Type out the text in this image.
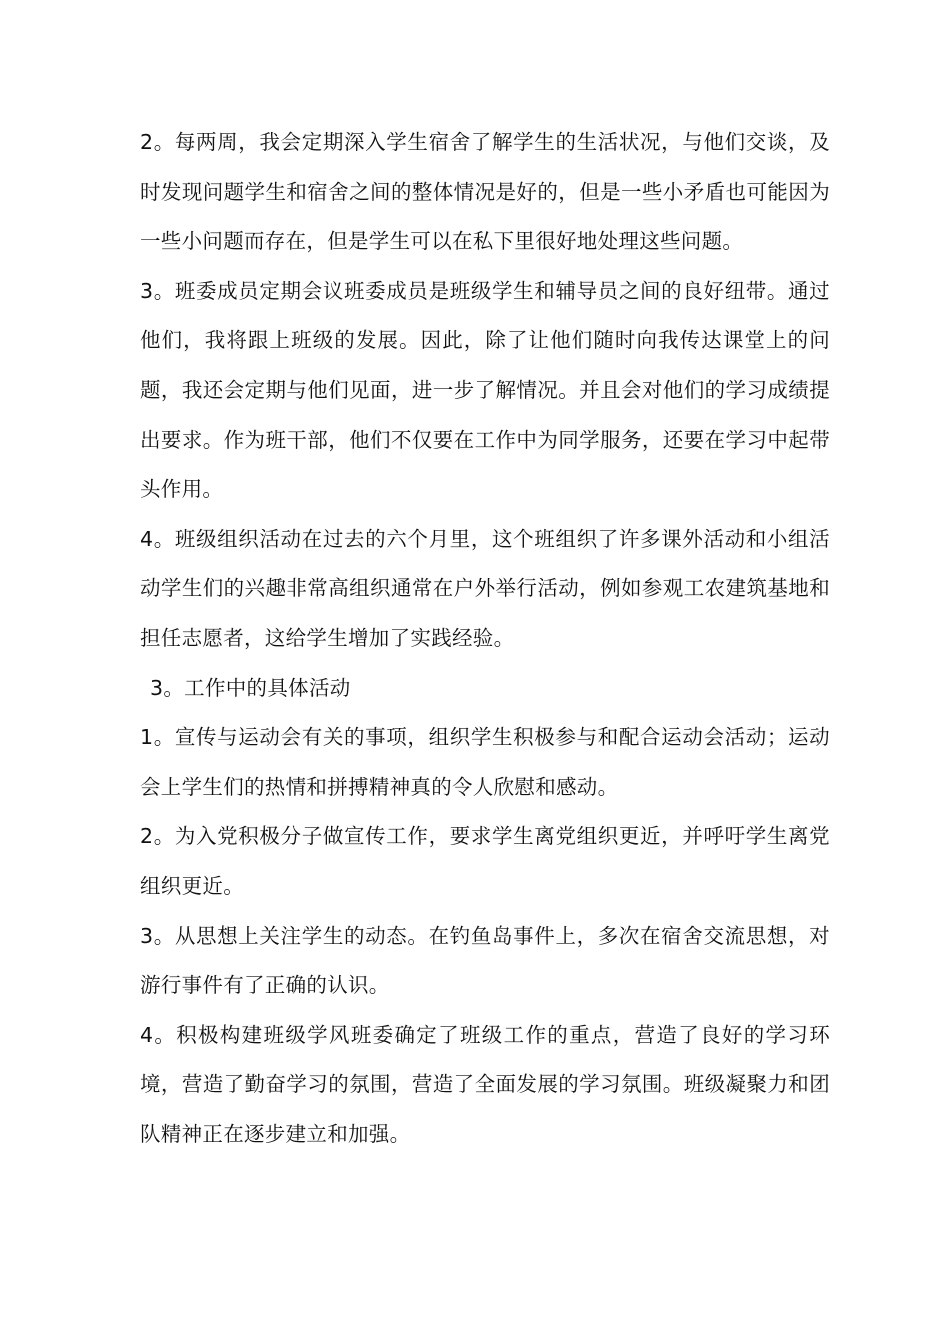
2。每两周，我会定期深入学生宿舍了解学生的生活状况，与他们交谈，及时发现问题学生和宿舍之间的整体情况是好的，但是一些小矛盾也可能因为一些小问题而存在，但是学生可以在私下里很好地处理这些问题。

3。班委成员定期会议班委成员是班级学生和辅导员之间的良好纽带。通过他们，我将跟上班级的发展。因此，除了让他们随时向我传达课堂上的问题，我还会定期与他们见面，进一步了解情况。并且会对他们的学习成绩提出要求。作为班干部，他们不仅要在工作中为同学服务，还要在学习中起带头作用。

4。班级组织活动在过去的六个月里，这个班组织了许多课外活动和小组活动学生们的兴趣非常高组织通常在户外举行活动，例如参观工农建筑基地和担任志愿者，这给学生增加了实践经验。

3。工作中的具体活动

1。宣传与运动会有关的事项，组织学生积极参与和配合运动会活动；运动会上学生们的热情和拼搏精神真的令人欣慰和感动。

2。为入党积极分子做宣传工作，要求学生离党组织更近，并呼吁学生离党组织更近。

3。从思想上关注学生的动态。在钓鱼岛事件上，多次在宿舍交流思想，对游行事件有了正确的认识。

4。积极构建班级学风班委确定了班级工作的重点，营造了良好的学习环境，营造了勤奋学习的氛围，营造了全面发展的学习氛围。班级凝聚力和团队精神正在逐步建立和加强。
